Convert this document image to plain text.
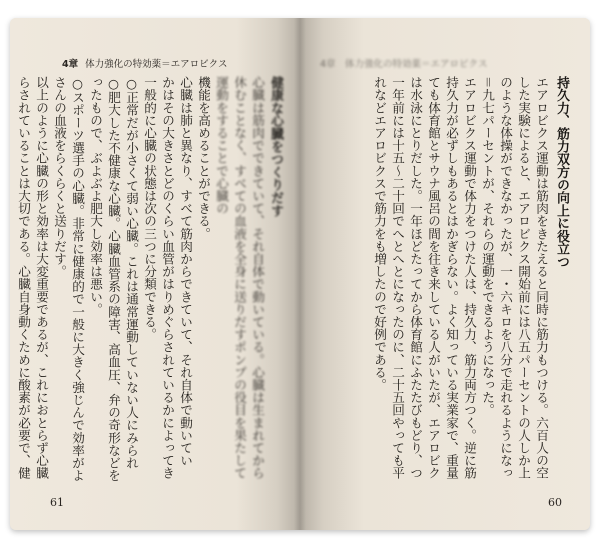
4章 体力強化の特効薬＝エアロビクス
健康な心臓をつくりだす
心臓は筋肉でできていて、それ自体で動いている。心臓は生まれてから
休むことなく、すべての血液を全身に送りだすポンプの役目を果たして
運動をすることで心臓の
機能を高めることができる。
心臓は肺と異なり、すべて筋肉からできていて、それ自体で動いてい
かはその大きさとどのくらい血管がはりめぐらされているかによってき
一般的に心臓の状態は次の三つに分類できる。
○正常だが小さくて弱い心臓。これは通常運動していない人にみられ
○肥大した不健康な心臓。心臓血管系の障害、高血圧、弁の奇形などを
ったもので、ぶよぶよ肥大し効率は悪い。
○スポーツ選手の心臓。非常に健康的で一般に大きく強じんで効率がよ
さんの血液をらくらくと送りだす。
以上のように心臓の形と効率は大変重要であるが、これにおとらず心臓
らされていることは大切である。心臓自身動くために酸素が必要で、健
61
4章　体力強化の特効薬＝エアロビクス
持久力、筋力双方の向上に役立つ
エアロビクス運動は筋肉をきたえると同時に筋力もつける。六百人の空
した実験によると、エアロビクス開始前には八五パーセントの人しか上
のような体操ができなかったが、一・六キロを八分で走れるようになっ
＝九七パーセントが、それらの運動をできるようになった。
エアロビクス運動で体力をつけた人は、持久力、筋力両方つく。逆に筋
持久力が必ずしもあるとはかぎらない。よく知っている実業家で、重量
ても体育館とサウナ風呂の間を往き来している人がいたが、エアロビク
は水泳にとりだした。一年ほどたってから体育館にふたたびもどり、つ
一年前には十五～二十回でへとへとになったのに、二十五回やっても平
れなどエアロビクスで筋力をも増したので好例である。
60
